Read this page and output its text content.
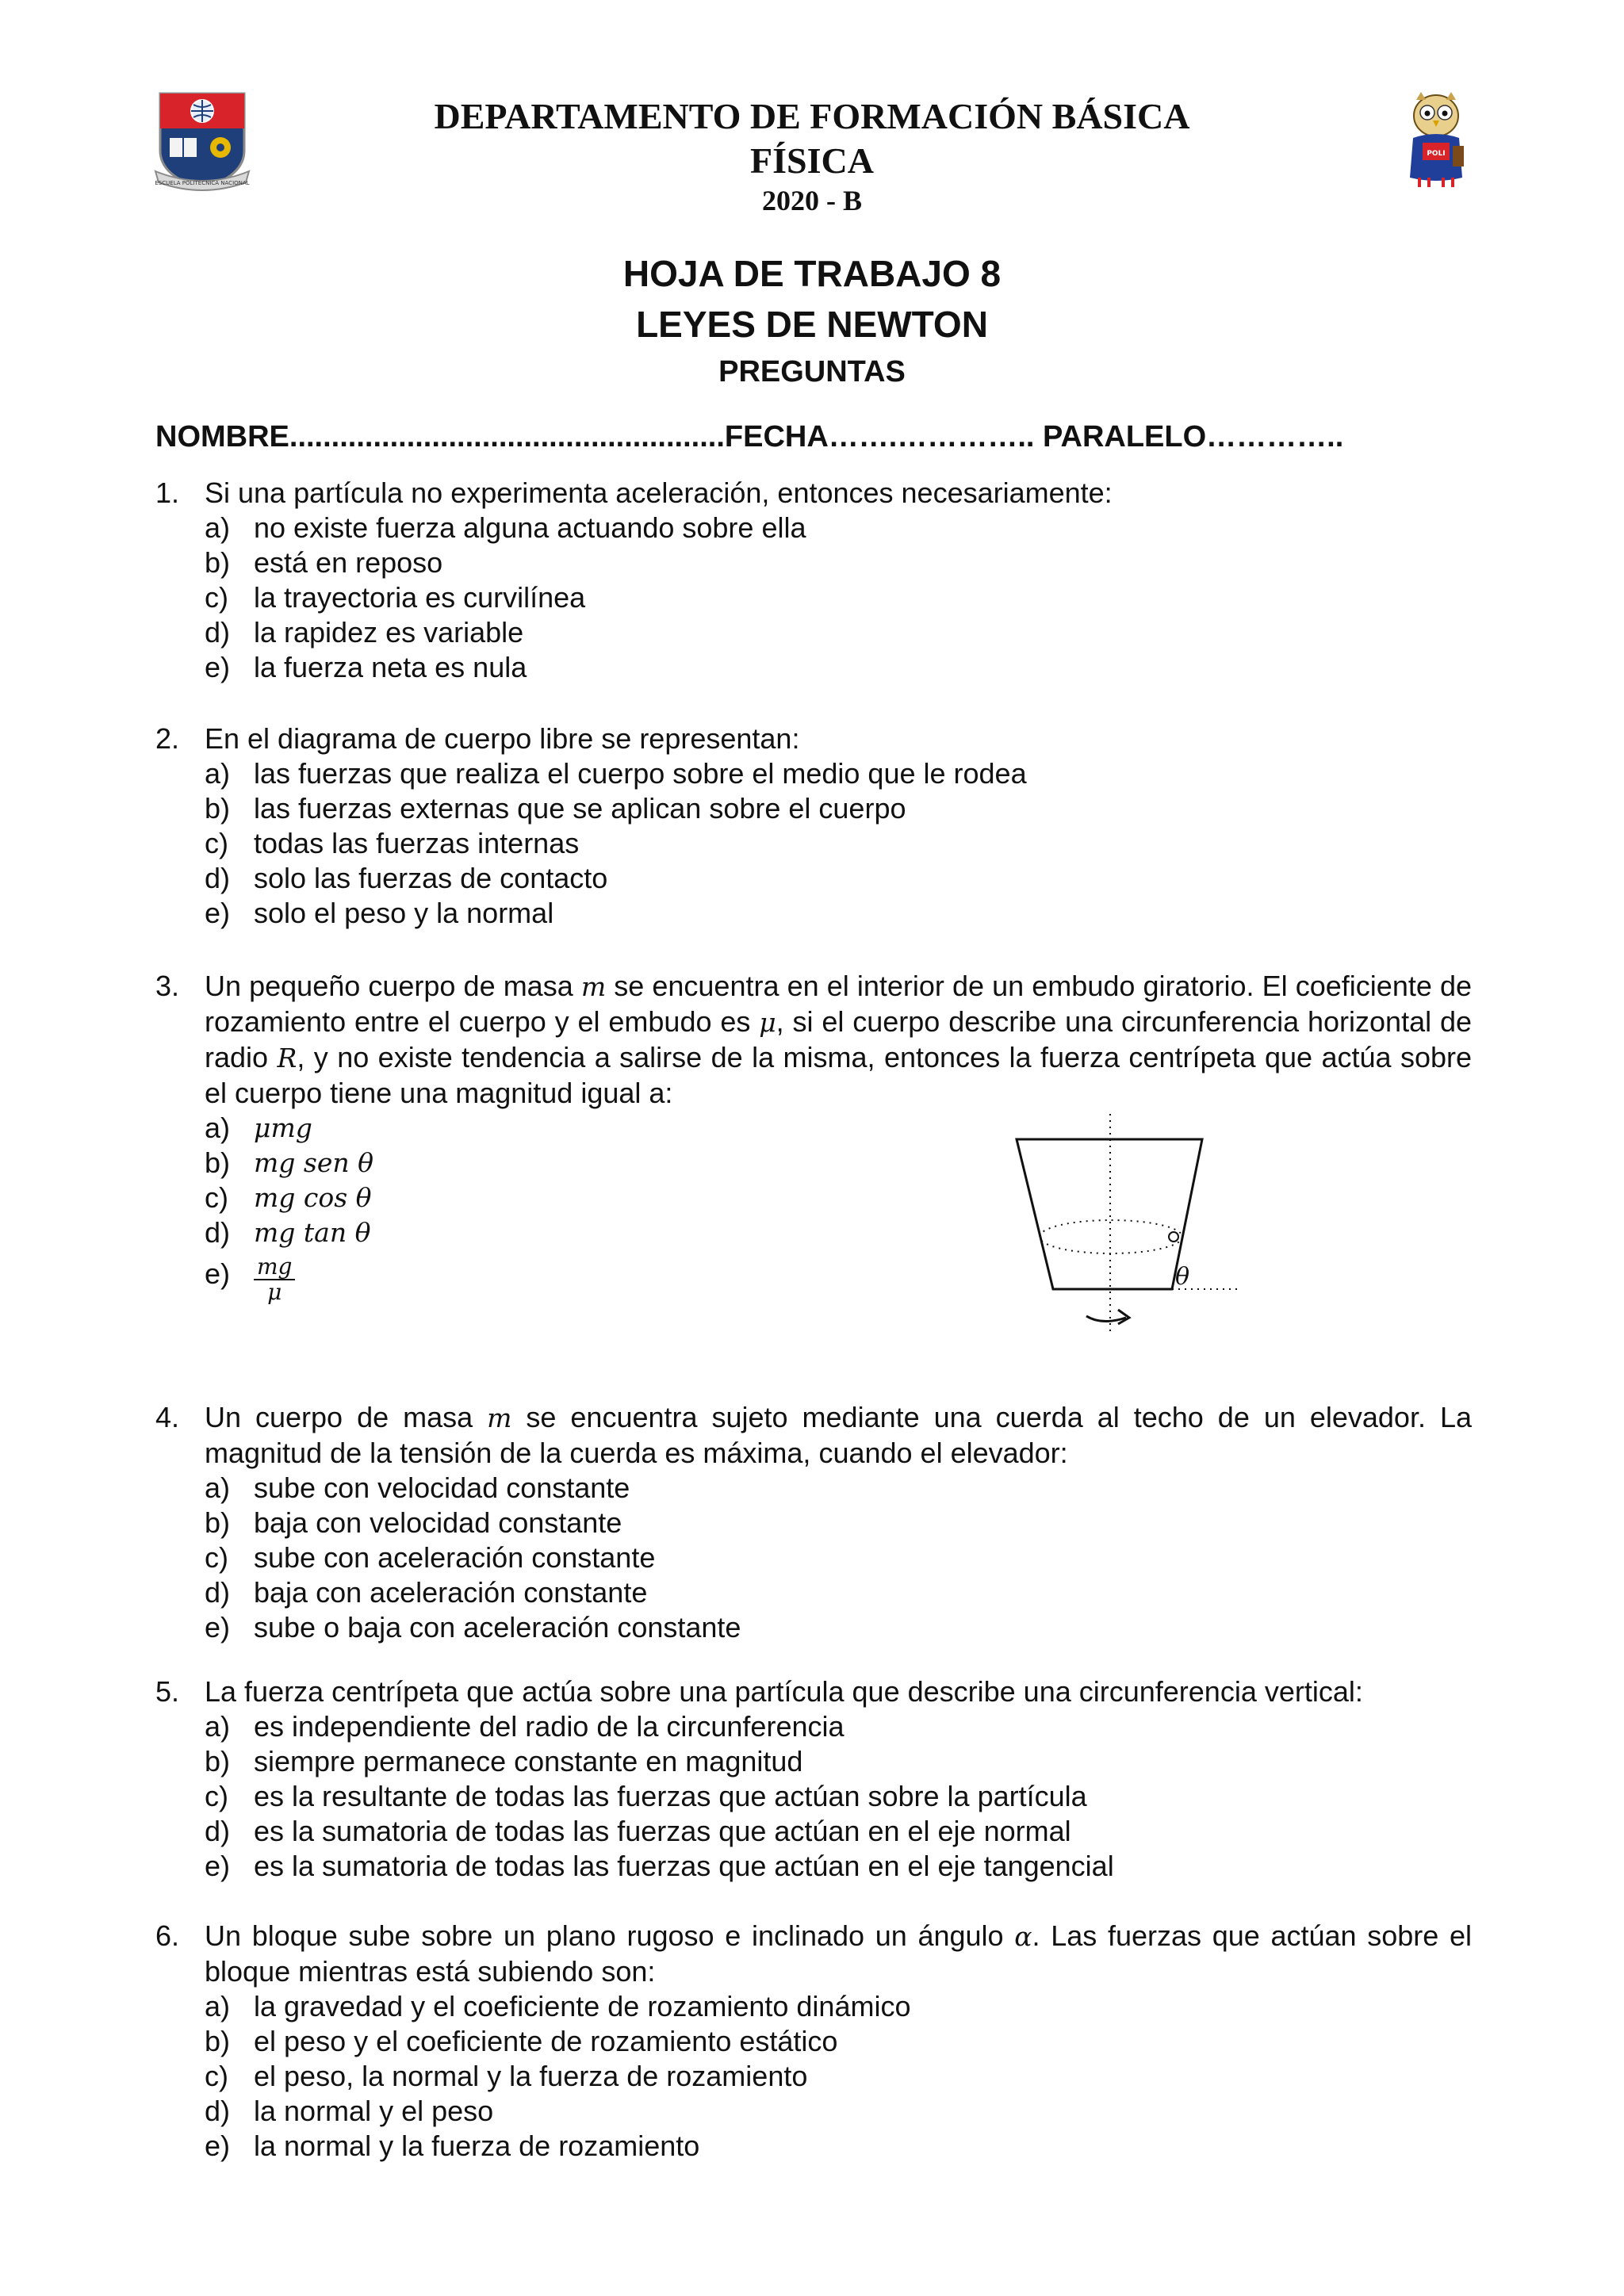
ESCUELA POLITÉCNICA NACIONAL
POLI
DEPARTAMENTO DE FORMACIÓN BÁSICA
FÍSICA
2020 - B
HOJA DE TRABAJO 8
LEYES DE NEWTON
PREGUNTAS
NOMBRE....................................................FECHA…….………….. PARALELO…………..
1. Si una partícula no experimenta aceleración, entonces necesariamente:
a) no existe fuerza alguna actuando sobre ella
b) está en reposo
c) la trayectoria es curvilínea
d) la rapidez es variable
e) la fuerza neta es nula
2. En el diagrama de cuerpo libre se representan:
a) las fuerzas que realiza el cuerpo sobre el medio que le rodea
b) las fuerzas externas que se aplican sobre el cuerpo
c) todas las fuerzas internas
d) solo las fuerzas de contacto
e) solo el peso y la normal
3. Un pequeño cuerpo de masa m se encuentra en el interior de un embudo giratorio. El coeficiente de rozamiento entre el cuerpo y el embudo es μ, si el cuerpo describe una circunferencia horizontal de radio R, y no existe tendencia a salirse de la misma, entonces la fuerza centrípeta que actúa sobre el cuerpo tiene una magnitud igual a:
a) μmg
b) mg sen θ
c) mg cos θ
d) mg tan θ
$e) \frac{mg}{\mu}$	θ
4. Un cuerpo de masa m se encuentra sujeto mediante una cuerda al techo de un elevador. La magnitud de la tensión de la cuerda es máxima, cuando el elevador:
a) sube con velocidad constante
b) baja con velocidad constante
c) sube con aceleración constante
d) baja con aceleración constante
e) sube o baja con aceleración constante
5. La fuerza centrípeta que actúa sobre una partícula que describe una circunferencia vertical:
a) es independiente del radio de la circunferencia
b) siempre permanece constante en magnitud
c) es la resultante de todas las fuerzas que actúan sobre la partícula
d) es la sumatoria de todas las fuerzas que actúan en el eje normal
e) es la sumatoria de todas las fuerzas que actúan en el eje tangencial
6. Un bloque sube sobre un plano rugoso e inclinado un ángulo α. Las fuerzas que actúan sobre el bloque mientras está subiendo son:
a) la gravedad y el coeficiente de rozamiento dinámico
b) el peso y el coeficiente de rozamiento estático
c) el peso, la normal y la fuerza de rozamiento
d) la normal y el peso
e) la normal y la fuerza de rozamiento
